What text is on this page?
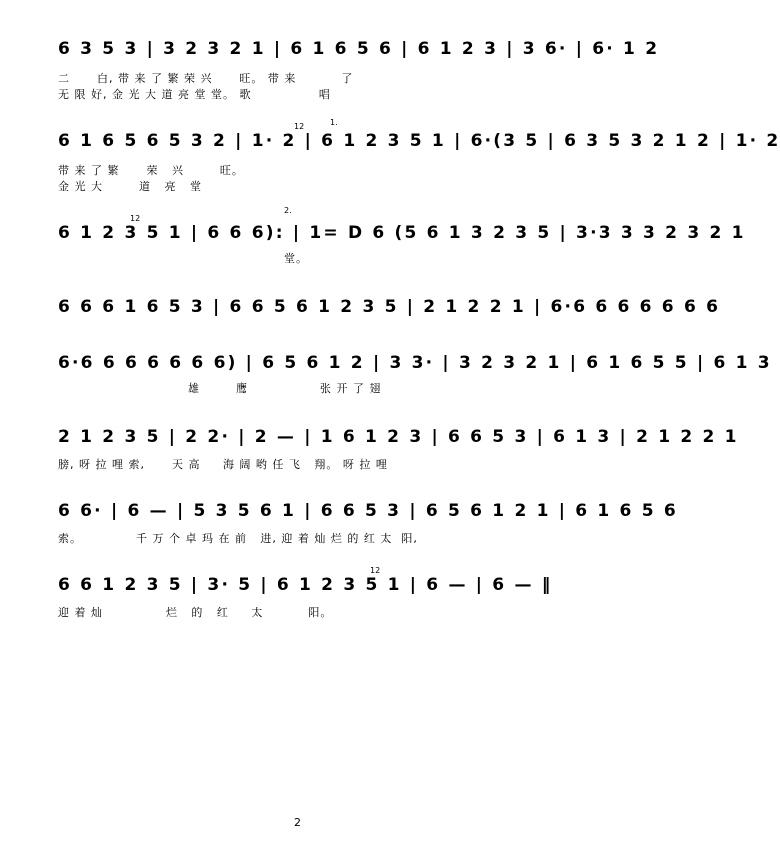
6 3 5 3 | 3 2 3 2 1 | 6 1 6 5 6 | 6 1 2 3 | 3 6· | 6· 1 2
二      白, 带 来 了 繁 荣 兴      旺。 带 来          了
无 限 好, 金 光 大 道 亮 堂 堂。 歌               唱
12	1.
6 1 6 5 6 5 3 2 | 1· 2 | 6 1 2 3 5 1 | 6·(3 5 | 6 3 5 3 2 1 2 | 1· 2
带 来 了 繁      荣   兴        旺。
金 光 大        道   亮   堂
12
2.
6 1 2 3 5 1 | 6 6 6): | 1= D 6 (5 6 1 3 2 3 5 | 3·3 3 3 2 3 2 1
堂。
6 6 6 1 6 5 3 | 6 6 5 6 1 2 3 5 | 2 1 2 2 1 | 6·6 6 6 6 6 6 6
6·6 6 6 6 6 6 6) | 6 5 6 1 2 | 3 3· | 3 2 3 2 1 | 6 1 6 5 5 | 6 1 3
雄        鹰                张 开 了 翅
2 1 2 3 5 | 2 2· | 2 — | 1 6 1 2 3 | 6 6 5 3 | 6 1 3 | 2 1 2 2 1
膀, 呀 拉 哩 索,      天 高     海 阔 哟 任 飞   翔。 呀 拉 哩
6 6· | 6 — | 5 3 5 6 1 | 6 6 5 3 | 6 5 6 1 2 1 | 6 1 6 5 6
索。            千 万 个 卓 玛 在 前   进, 迎 着 灿 烂 的 红 太  阳,
12
6 6 1 2 3 5 | 3· 5 | 6 1 2 3 5 1 | 6 — | 6 — ‖
迎 着 灿              烂   的   红     太          阳。
2
